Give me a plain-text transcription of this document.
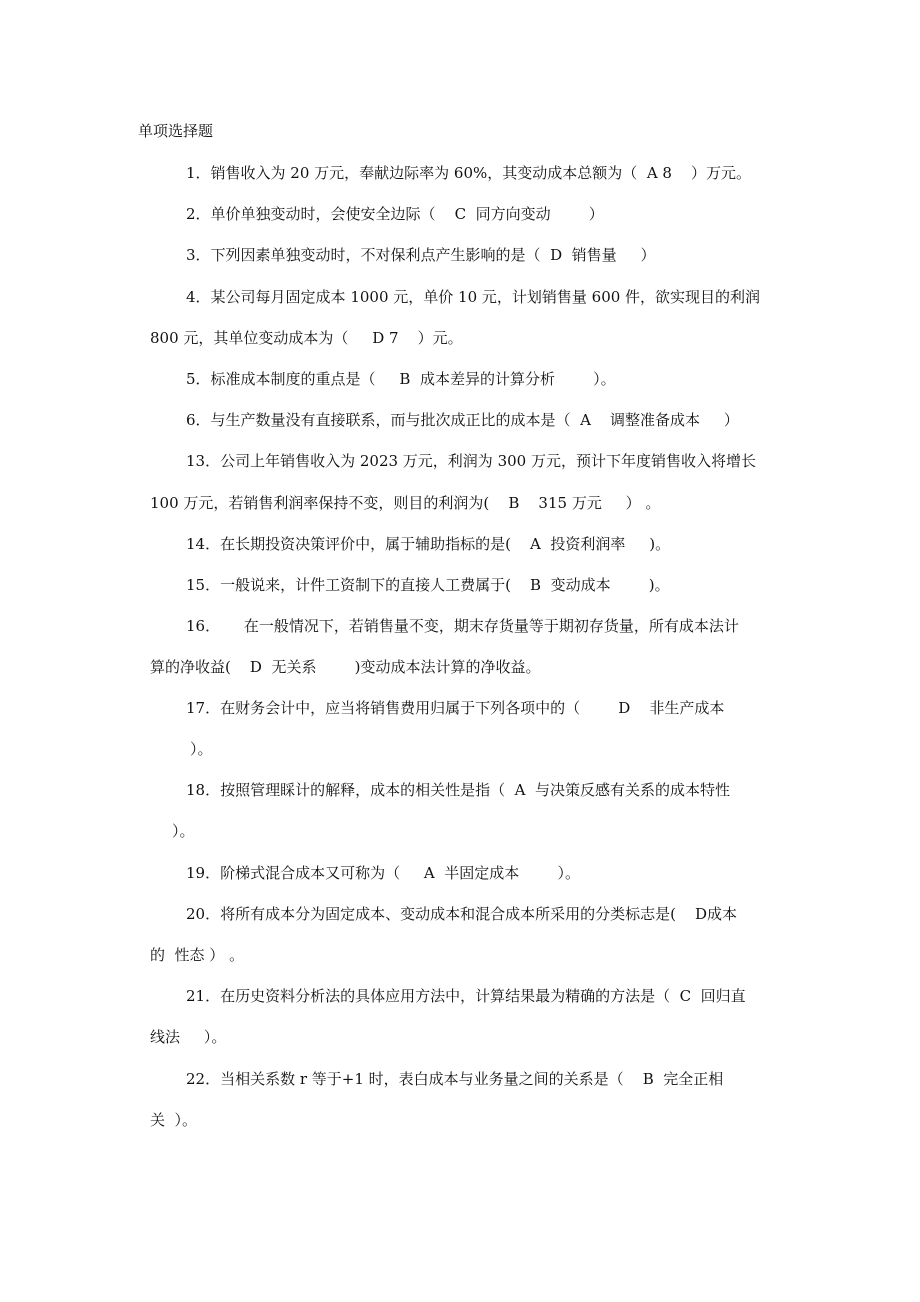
单项选择题
1．销售收入为 20 万元，奉献边际率为 60%，其变动成本总额为（  A 8    ）万元。
2．单价单独变动时，会使安全边际（    C  同方向变动        ）
3．下列因素单独变动时，不对保利点产生影响的是（  D  销售量     ）
4．某公司每月固定成本 1000 元，单价 10 元，计划销售量 600 件，欲实现目的利润
800 元，其单位变动成本为（     D 7    ）元。
5．标准成本制度的重点是（     B  成本差异的计算分析        ）。
6．与生产数量没有直接联系，而与批次成正比的成本是（  A    调整准备成本     ）
13．公司上年销售收入为 2023 万元，利润为 300 万元，预计下年度销售收入将增长
100 万元，若销售利润率保持不变，则目的利润为(    B    315 万元     ） 。
14．在长期投资决策评价中，属于辅助指标的是(    A  投资利润率     )。
15．一般说来，计件工资制下的直接人工费属于(    B  变动成本        )。
16．     在一般情况下，若销售量不变，期末存货量等于期初存货量，所有成本法计
算的净收益(    D  无关系        )变动成本法计算的净收益。
17．在财务会计中，应当将销售费用归属于下列各项中的（        D    非生产成本
）。
18．按照管理睬计的解释，成本的相关性是指（  A  与决策反感有关系的成本特性
）。
19．阶梯式混合成本又可称为（     A  半固定成本        ）。
20．将所有成本分为固定成本、变动成本和混合成本所采用的分类标志是(    D成本
的  性态 ） 。
21．在历史资料分析法的具体应用方法中，计算结果最为精确的方法是（  C  回归直
线法     ）。
22．当相关系数 r 等于+1 时，表白成本与业务量之间的关系是（    B  完全正相
关  ）。
